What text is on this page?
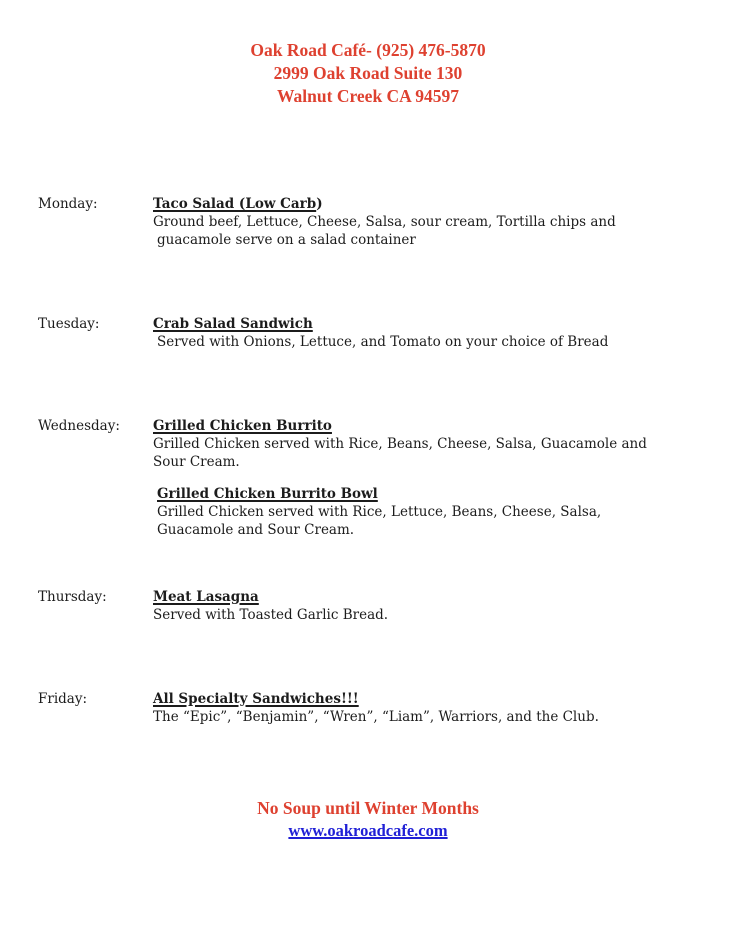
Oak Road Café- (925) 476-5870
2999 Oak Road Suite 130
Walnut Creek CA 94597
Monday:	Taco Salad (Low Carb)
Ground beef, Lettuce, Cheese, Salsa, sour cream, Tortilla chips and
guacamole serve on a salad container
Tuesday:	Crab Salad Sandwich
Served with Onions, Lettuce, and Tomato on your choice of Bread
Wednesday: Grilled Chicken Burrito
Grilled Chicken served with Rice, Beans, Cheese, Salsa, Guacamole and
Sour Cream.
Grilled Chicken Burrito Bowl
Grilled Chicken served with Rice, Lettuce, Beans, Cheese, Salsa,
Guacamole and Sour Cream.
Thursday:	Meat Lasagna
Served with Toasted Garlic Bread.
Friday:	All Specialty Sandwiches!!!
The “Epic”, “Benjamin”, “Wren”, “Liam”, Warriors, and the Club.
No Soup until Winter Months
www.oakroadcafe.com
